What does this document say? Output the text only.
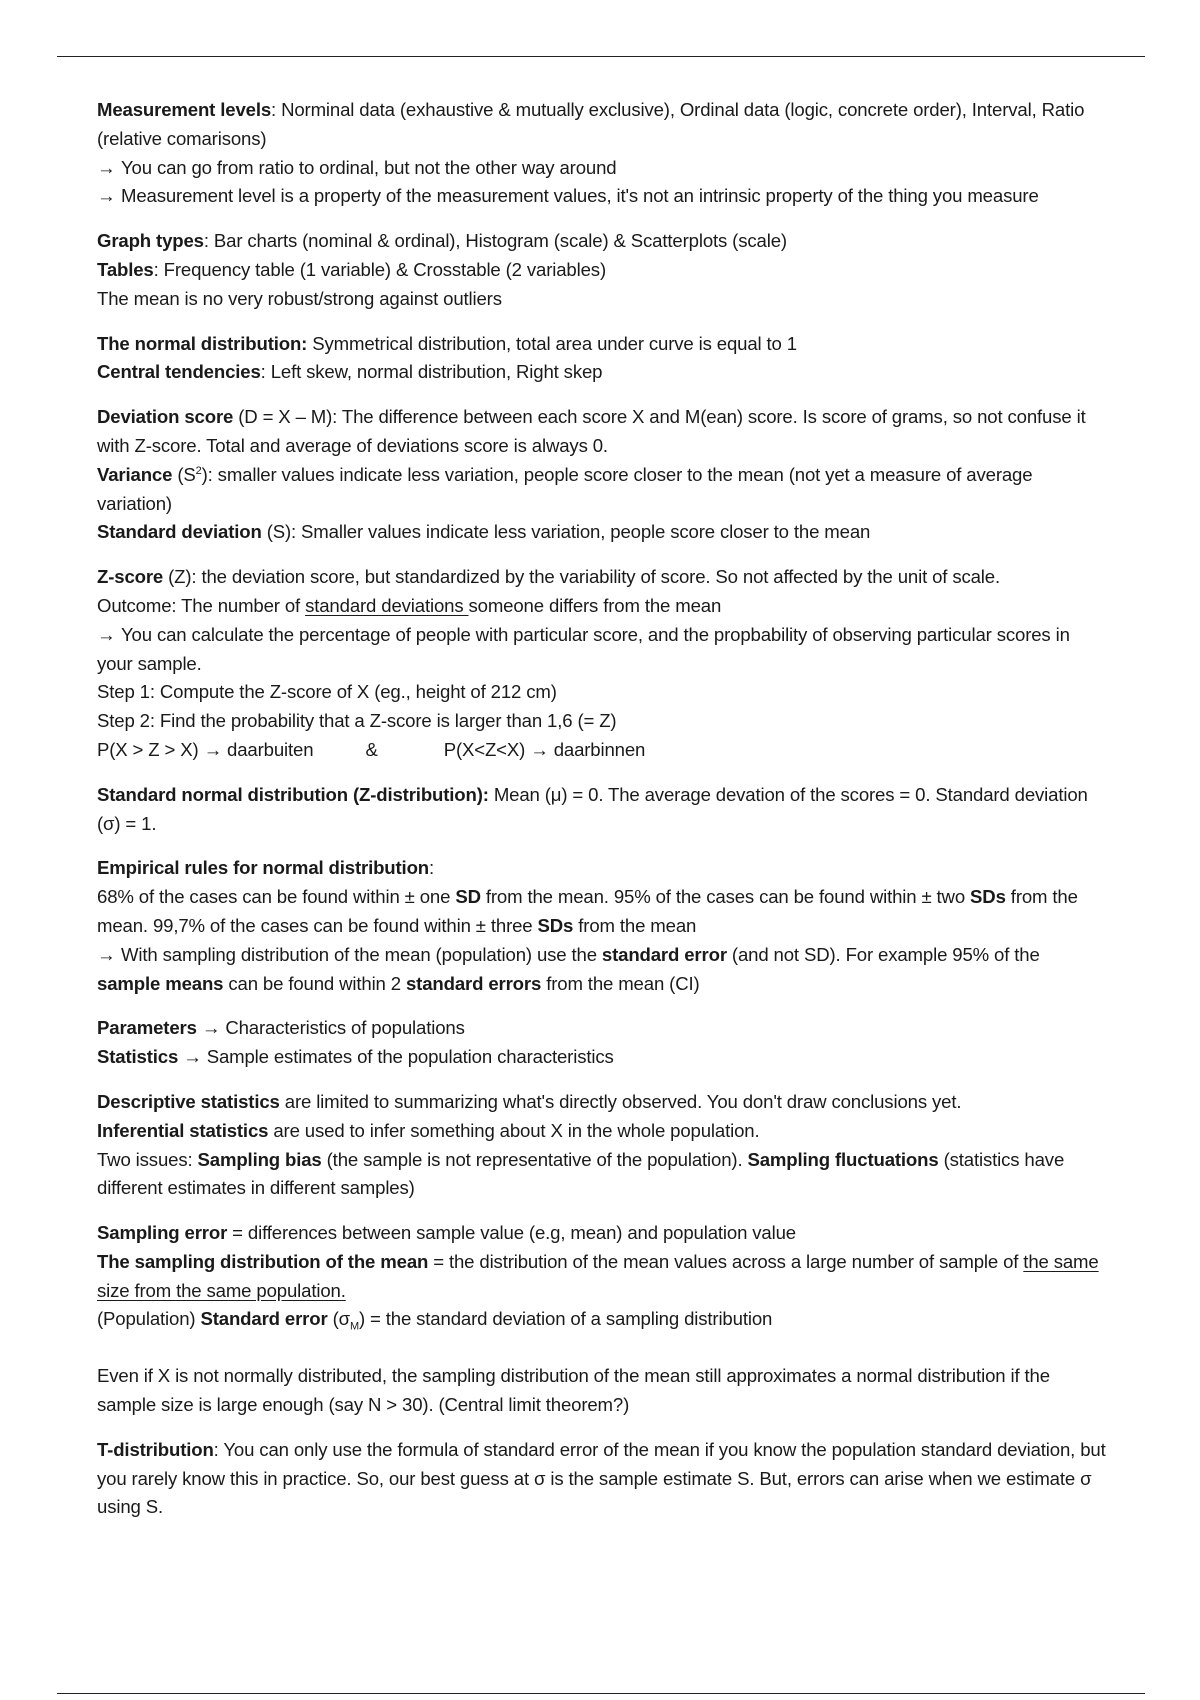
Measurement levels: Norminal data (exhaustive & mutually exclusive), Ordinal data (logic, concrete order), Interval, Ratio (relative comarisons)

→ You can go from ratio to ordinal, but not the other way around

→ Measurement level is a property of the measurement values, it's not an intrinsic property of the thing you measure

Graph types: Bar charts (nominal & ordinal), Histogram (scale) & Scatterplots (scale)

Tables: Frequency table (1 variable) & Crosstable (2 variables)

The mean is no very robust/strong against outliers

The normal distribution: Symmetrical distribution, total area under curve is equal to 1

Central tendencies: Left skew, normal distribution, Right skep

Deviation score (D = X – M): The difference between each score X and M(ean) score. Is score of grams, so not confuse it with Z-score. Total and average of deviations score is always 0.

Variance $(S^2)$: smaller values indicate less variation, people score closer to the mean (not yet a measure of average variation)

Standard deviation (S): Smaller values indicate less variation, people score closer to the mean

Z-score (Z): the deviation score, but standardized by the variability of score. So not affected by the unit of scale.

Outcome: The number of standard deviations someone differs from the mean

→ You can calculate the percentage of people with particular score, and the propbability of observing particular scores in your sample.

Step 1: Compute the Z-score of X (eg., height of 212 cm)

Step 2: Find the probability that a Z-score is larger than 1,6 (= Z)

P(X > Z > X) → daarbuiten	&	P(X<Z<X) → daarbinnen

Standard normal distribution (Z-distribution): Mean (μ) = 0. The average devation of the scores = 0. Standard deviation (σ) = 1.

Empirical rules for normal distribution:

68% of the cases can be found within ± one SD from the mean. 95% of the cases can be found within ± two SDs from the mean. 99,7% of the cases can be found within ± three SDs from the mean

→ With sampling distribution of the mean (population) use the standard error (and not SD). For example 95% of the sample means can be found within 2 standard errors from the mean (CI)

Parameters → Characteristics of populations

Statistics → Sample estimates of the population characteristics

Descriptive statistics are limited to summarizing what's directly observed. You don't draw conclusions yet.

Inferential statistics are used to infer something about X in the whole population.

Two issues: Sampling bias (the sample is not representative of the population). Sampling fluctuations (statistics have different estimates in different samples)

Sampling error = differences between sample value (e.g, mean) and population value

The sampling distribution of the mean = the distribution of the mean values across a large number of sample of the same size from the same population.

(Population) Standard error $(\sigma_M)$ = the standard deviation of a sampling distribution

Even if X is not normally distributed, the sampling distribution of the mean still approximates a normal distribution if the sample size is large enough (say N > 30). (Central limit theorem?)

T-distribution: You can only use the formula of standard error of the mean if you know the population standard deviation, but you rarely know this in practice. So, our best guess at σ is the sample estimate S. But, errors can arise when we estimate σ using S.
